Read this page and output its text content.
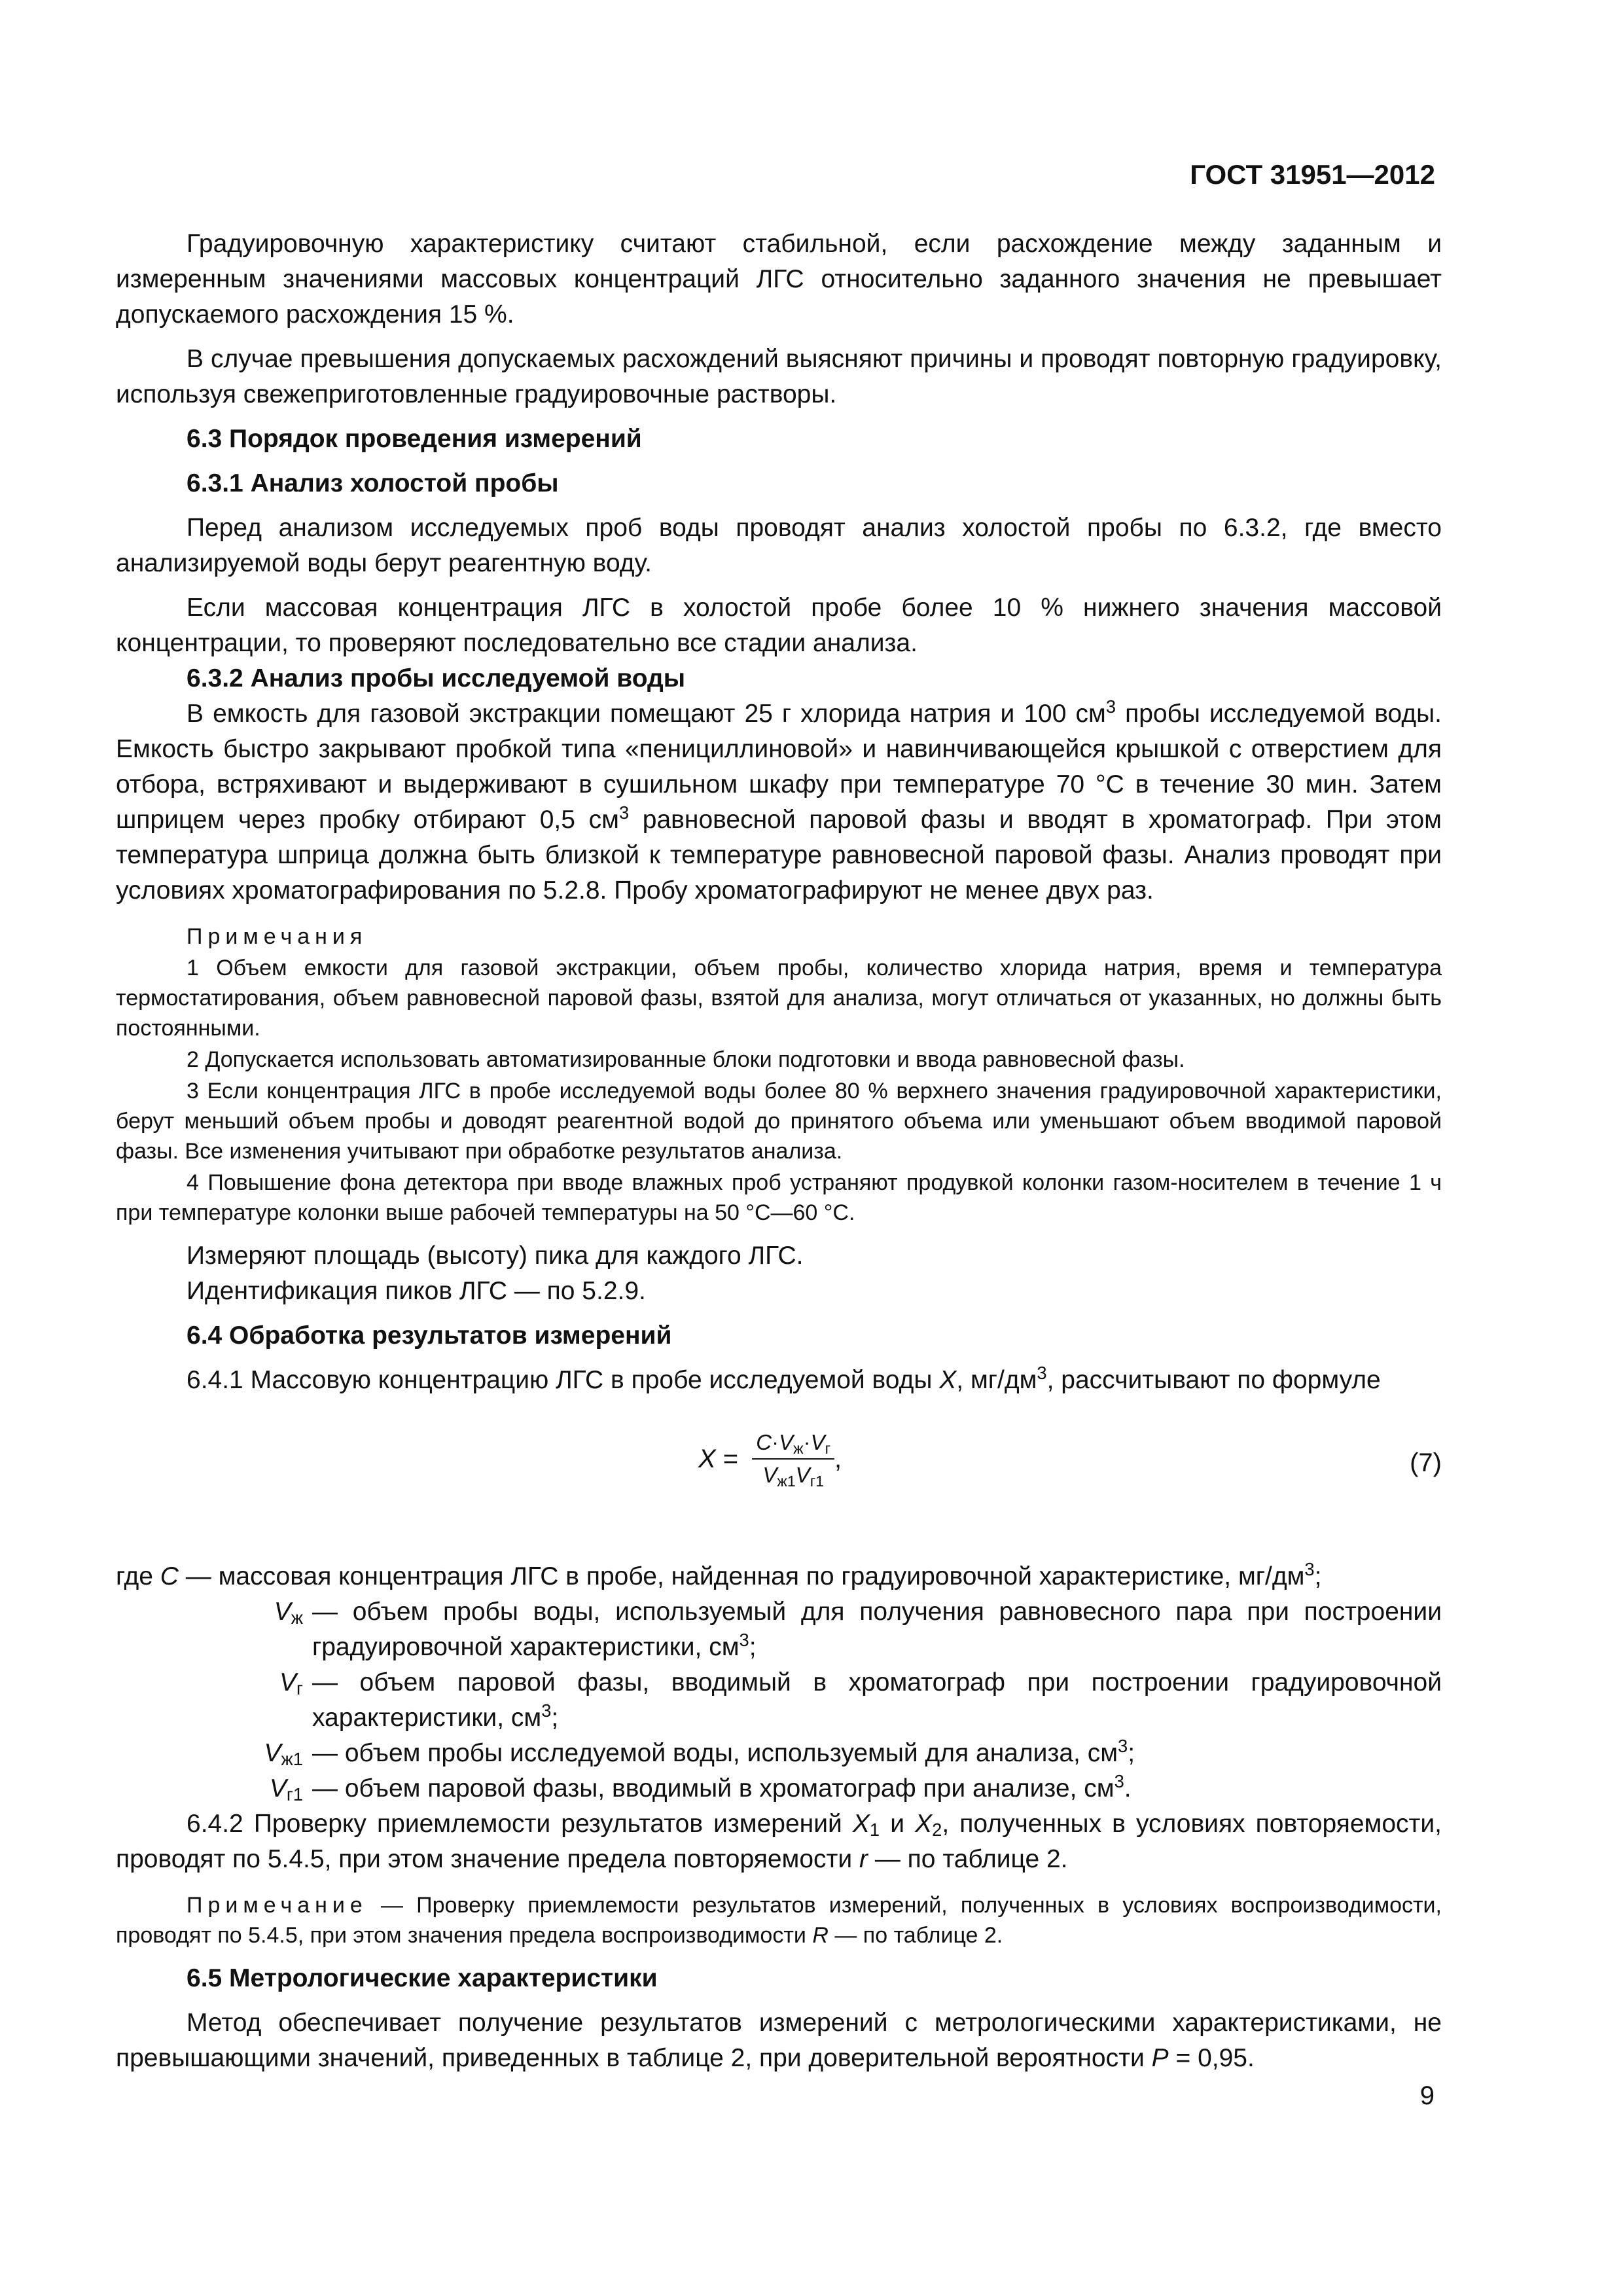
ГОСТ 31951—2012

Градуировочную характеристику считают стабильной, если расхождение между заданным и измеренным значениями массовых концентраций ЛГС относительно заданного значения не превышает допускаемого расхождения 15 %.

В случае превышения допускаемых расхождений выясняют причины и проводят повторную градуировку, используя свежеприготовленные градуировочные растворы.

6.3 Порядок проведения измерений

6.3.1 Анализ холостой пробы

Перед анализом исследуемых проб воды проводят анализ холостой пробы по 6.3.2, где вместо анализируемой воды берут реагентную воду.

Если массовая концентрация ЛГС в холостой пробе более 10 % нижнего значения массовой концентрации, то проверяют последовательно все стадии анализа.

6.3.2 Анализ пробы исследуемой воды

В емкость для газовой экстракции помещают 25 г хлорида натрия и 100 $см^3$ пробы исследуемой воды. Емкость быстро закрывают пробкой типа «пенициллиновой» и навинчивающейся крышкой с отверстием для отбора, встряхивают и выдерживают в сушильном шкафу при температуре 70 °С в течение 30 мин. Затем шприцем через пробку отбирают 0,5 $см^3$ равновесной паровой фазы и вводят в хроматограф. При этом температура шприца должна быть близкой к температуре равновесной паровой фазы. Анализ проводят при условиях хроматографирования по 5.2.8. Пробу хроматографируют не менее двух раз.

Примечания

1 Объем емкости для газовой экстракции, объем пробы, количество хлорида натрия, время и температура термостатирования, объем равновесной паровой фазы, взятой для анализа, могут отличаться от указанных, но должны быть постоянными.

2 Допускается использовать автоматизированные блоки подготовки и ввода равновесной фазы.

3 Если концентрация ЛГС в пробе исследуемой воды более 80 % верхнего значения градуировочной характеристики, берут меньший объем пробы и доводят реагентной водой до принятого объема или уменьшают объем вводимой паровой фазы. Все изменения учитывают при обработке результатов анализа.

4 Повышение фона детектора при вводе влажных проб устраняют продувкой колонки газом-носителем в течение 1 ч при температуре колонки выше рабочей температуры на 50 °С—60 °С.

Измеряют площадь (высоту) пика для каждого ЛГС.

Идентификация пиков ЛГС — по 5.2.9.

6.4 Обработка результатов измерений

6.4.1 Массовую концентрацию ЛГС в пробе исследуемой воды X, $мг/дм^3$, рассчитывают по формуле

$X = \frac{C\cdot V_ж\cdot V_г}{V_{ж1}V_{г1}}$ ,	(7)

где C — массовая концентрация ЛГС в пробе, найденная по градуировочной характеристике, $мг/дм^3$;

$V_ж$ — объем пробы воды, используемый для получения равновесного пара при построении градуировочной характеристики, $см^3$;
$V_г$ — объем паровой фазы, вводимый в хроматограф при построении градуировочной характеристики, $см^3$;
$V_{ж1}$ — объем пробы исследуемой воды, используемый для анализа, $см^3$;
$V_{г1}$ — объем паровой фазы, вводимый в хроматограф при анализе, $см^3$.

6.4.2 Проверку приемлемости результатов измерений $X_1$ и $X_2$, полученных в условиях повторяемости, проводят по 5.4.5, при этом значение предела повторяемости r — по таблице 2.

Примечание — Проверку приемлемости результатов измерений, полученных в условиях воспроизводимости, проводят по 5.4.5, при этом значения предела воспроизводимости R — по таблице 2.

6.5 Метрологические характеристики

Метод обеспечивает получение результатов измерений с метрологическими характеристиками, не превышающими значений, приведенных в таблице 2, при доверительной вероятности P = 0,95.

9
